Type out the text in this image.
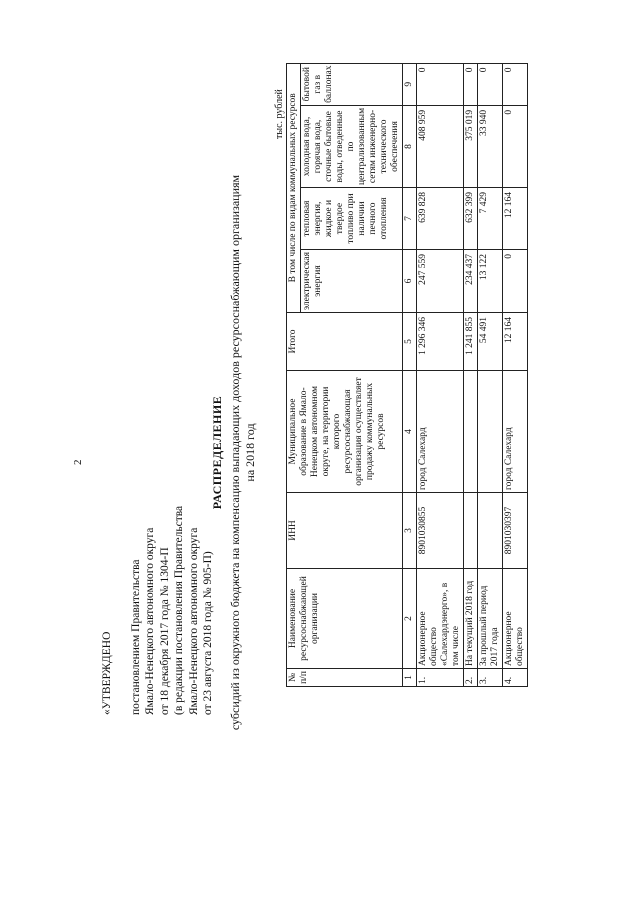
2
«УТВЕРЖДЕНО постановлением Правительства Ямало-Ненецкого автономного округа от 18 декабря 2017 года № 1304-П (в редакции постановления Правительства Ямало-Ненецкого автономного округа от 23 августа 2018 года № 905-П)
РАСПРЕДЕЛЕНИЕ субсидий из окружного бюджета на компенсацию выпадающих доходов ресурсоснабжающим организациям на 2018 год
тыс. рублей
№ п/п	Наименование ресурсоснабжающей организации	ИНН	Муниципальное образование в Ямало-Ненецком автономном округе, на территории которого ресурсоснабжающая организация осуществляет продажу коммунальных ресурсов	Итого	В том числе по видам коммунальных ресурсов			
					электрическая энергия	тепловая энергия, жидкое и твердое топливо при наличии печного отопления	холодная вода, горячая вода, сточные бытовые воды, отведенные по централизованным сетям инженерно-технического обеспечения	бытовой газ в баллонах
1	2	3	4	5	6	7	8	9
1.	Акционерное общество «Салехардэнерго», в том числе	8901030855	город Салехард	1 296 346	247 559	639 828	408 959	0
2.	На текущий 2018 год			1 241 855	234 437	632 399	375 019	0
3.	За прошлый период 2017 года			54 491	13 122	7 429	33 940	0
4.	Акционерное общество	8901030397	город Салехард	12 164	0	12 164	0	0
